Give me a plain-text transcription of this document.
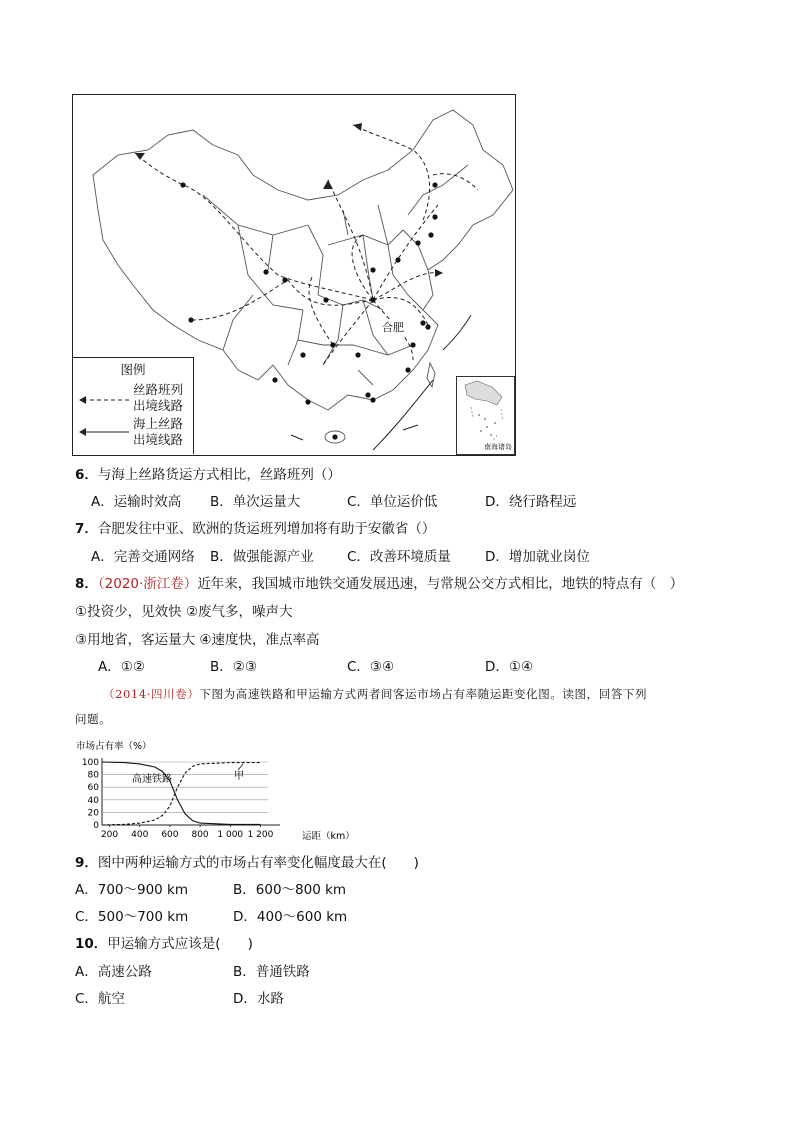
合肥
图例
丝路班列
出境线路
海上丝路
出境线路	南海诸岛
6．与海上丝路货运方式相比，丝路班列（）
A．运输时效高 B．单次运量大	C．单位运价低	D．绕行路程远
7．合肥发往中亚、欧洲的货运班列增加将有助于安徽省（）
A．完善交通网络 B．做强能源产业 C．改善环境质量	D．增加就业岗位
8．（2020·浙江卷）近年来，我国城市地铁交通发展迅速，与常规公交方式相比，地铁的特点有（　）
①投资少，见效快 ②废气多，噪声大
③用地省，客运量大 ④速度快，准点率高
A．①②	B．②③	C．③④	D．①④
（2014·四川卷）下图为高速铁路和甲运输方式两者间客运市场占有率随运距变化图。读图，回答下列
问题。
市场占有率（%）
0
20
40
60
80
100
200 400 600 800 1 000 1 200	运距（km）
高速铁路	甲
9．图中两种运输方式的市场占有率变化幅度最大在(　　)
A．700～900 km	B．600～800 km
C．500～700 km	D．400～600 km
10．甲运输方式应该是(　　)
A．高速公路	B．普通铁路
C．航空	D．水路
